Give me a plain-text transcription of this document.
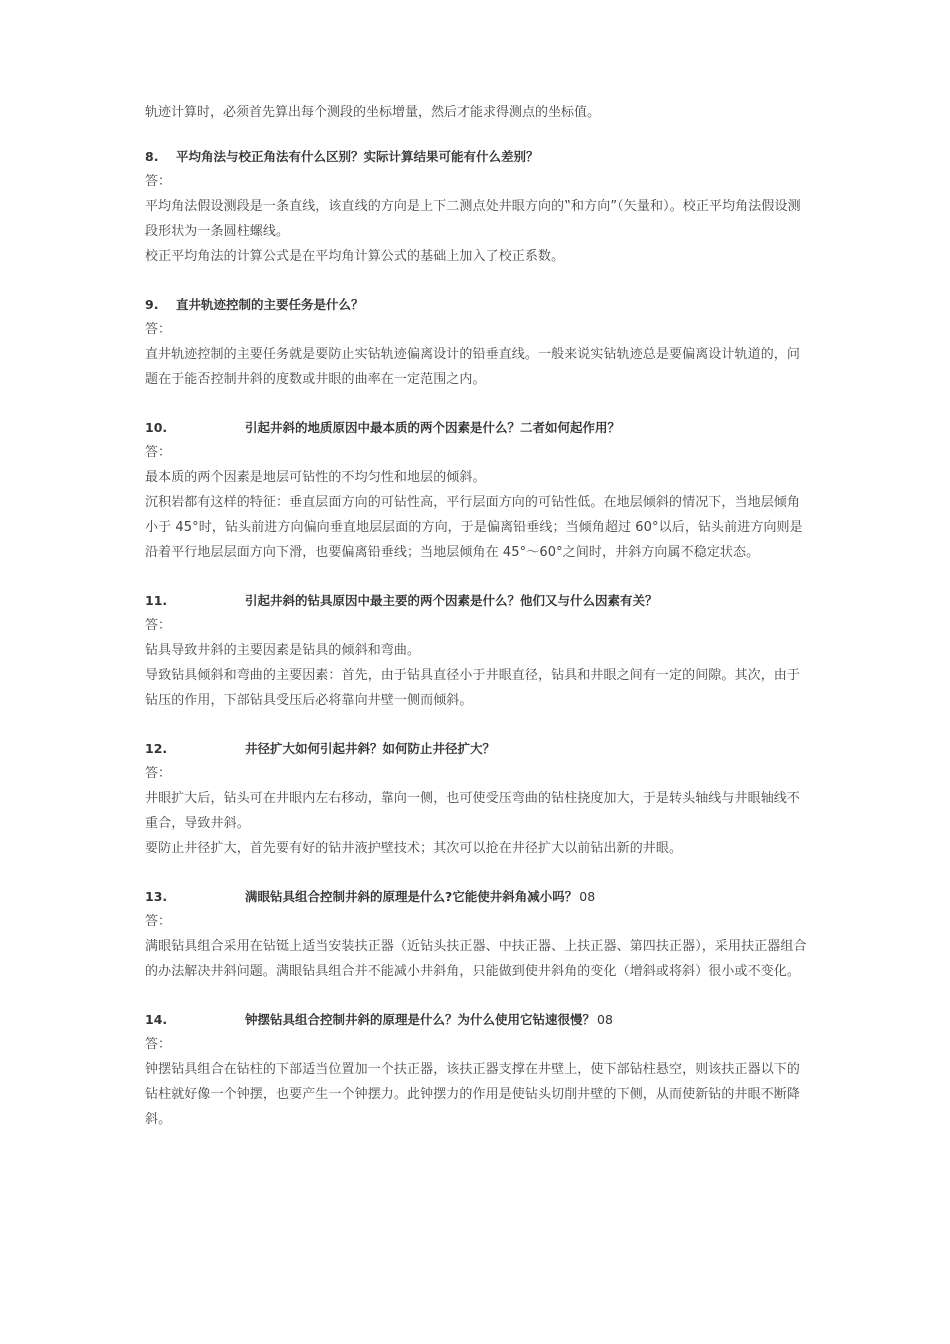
轨迹计算时，必须首先算出每个测段的坐标增量，然后才能求得测点的坐标值。

8.	平均角法与校正角法有什么区别？实际计算结果可能有什么差别？
答：

平均角法假设测段是一条直线，该直线的方向是上下二测点处井眼方向的‟和方向”（矢量和）。校正平均角法假设测段形状为一条圆柱螺线。

校正平均角法的计算公式是在平均角计算公式的基础上加入了校正系数。

9.	直井轨迹控制的主要任务是什么？
答：

直井轨迹控制的主要任务就是要防止实钻轨迹偏离设计的铅垂直线。一般来说实钻轨迹总是要偏离设计轨道的，问题在于能否控制井斜的度数或井眼的曲率在一定范围之内。

10.	引起井斜的地质原因中最本质的两个因素是什么？二者如何起作用？
答：

最本质的两个因素是地层可钻性的不均匀性和地层的倾斜。

沉积岩都有这样的特征：垂直层面方向的可钻性高，平行层面方向的可钻性低。在地层倾斜的情况下，当地层倾角小于 45°时，钻头前进方向偏向垂直地层层面的方向，于是偏离铅垂线；当倾角超过 60°以后，钻头前进方向则是沿着平行地层层面方向下滑，也要偏离铅垂线；当地层倾角在 45°～60°之间时，井斜方向属不稳定状态。

11.	引起井斜的钻具原因中最主要的两个因素是什么？他们又与什么因素有关？
答：

钻具导致井斜的主要因素是钻具的倾斜和弯曲。

导致钻具倾斜和弯曲的主要因素：首先，由于钻具直径小于井眼直径，钻具和井眼之间有一定的间隙。其次，由于钻压的作用，下部钻具受压后必将靠向井壁一侧而倾斜。

12.	井径扩大如何引起井斜？如何防止井径扩大？
答：

井眼扩大后，钻头可在井眼内左右移动，靠向一侧，也可使受压弯曲的钻柱挠度加大，于是转头轴线与井眼轴线不重合，导致井斜。

要防止井径扩大，首先要有好的钻井液护壁技术；其次可以抢在井径扩大以前钻出新的井眼。

13.	满眼钻具组合控制井斜的原理是什么?它能使井斜角减小吗？ 08
答：

满眼钻具组合采用在钻铤上适当安装扶正器（近钻头扶正器、中扶正器、上扶正器、第四扶正器），采用扶正器组合的办法解决井斜问题。满眼钻具组合并不能减小井斜角，只能做到使井斜角的变化（增斜或将斜）很小或不变化。

14.	钟摆钻具组合控制井斜的原理是什么？为什么使用它钻速很慢？ 08
答：

钟摆钻具组合在钻柱的下部适当位置加一个扶正器，该扶正器支撑在井壁上，使下部钻柱悬空，则该扶正器以下的钻柱就好像一个钟摆，也要产生一个钟摆力。此钟摆力的作用是使钻头切削井壁的下侧，从而使新钻的井眼不断降斜。
